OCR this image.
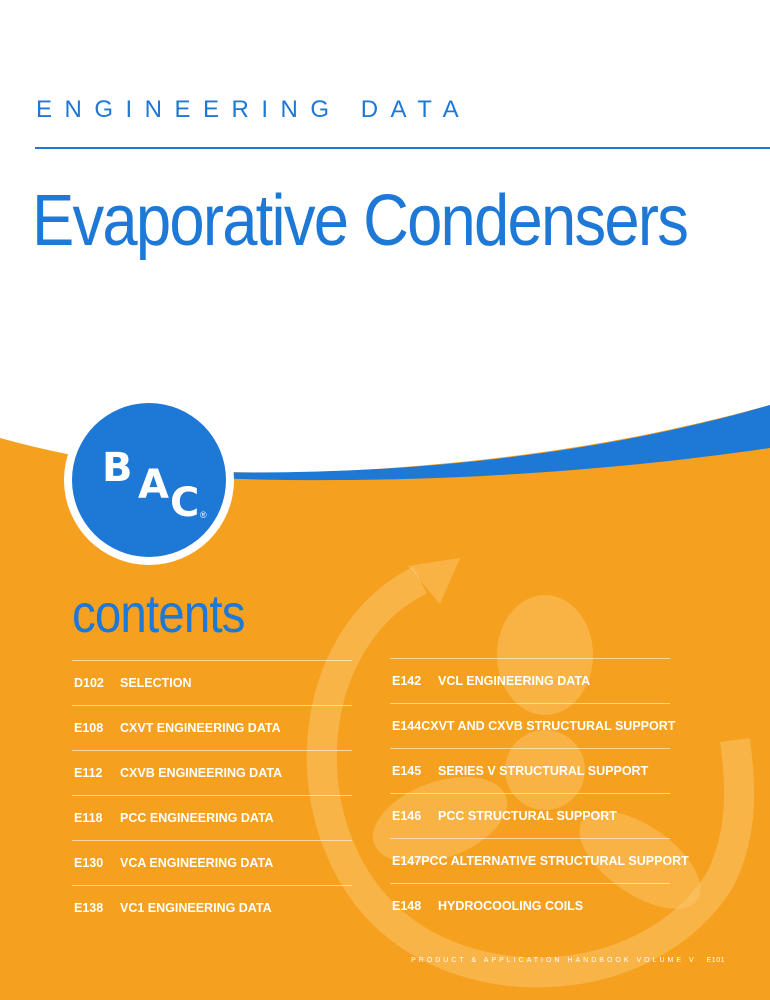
ENGINEERING DATA
Evaporative Condensers
B A C ®
contents
D102	SELECTION
E108	CXVT ENGINEERING DATA
E112	CXVB ENGINEERING DATA
E118	PCC ENGINEERING DATA
E130	VCA ENGINEERING DATA
E138	VC1 ENGINEERING DATA
E142	VCL ENGINEERING DATA
E144 CXVT AND CXVB STRUCTURAL SUPPORT
E145	SERIES V STRUCTURAL SUPPORT
E146	PCC STRUCTURAL SUPPORT
E147 PCC ALTERNATIVE STRUCTURAL SUPPORT
E148	HYDROCOOLING COILS
PRODUCT & APPLICATION HANDBOOK VOLUME V E101
